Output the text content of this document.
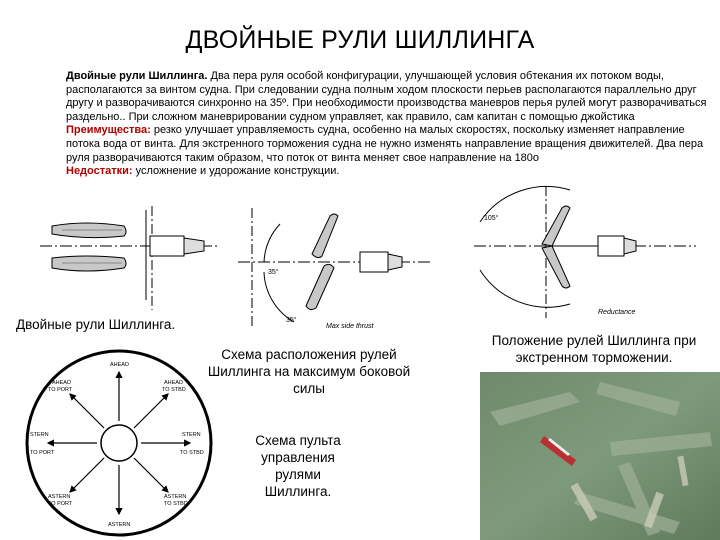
ДВОЙНЫЕ РУЛИ ШИЛЛИНГА

Двойные рули Шиллинга. Два пера руля особой конфигурации, улучшающей условия обтекания их потоком воды, располагаются за винтом судна. При следовании судна полным ходом плоскости перьев располагаются параллельно друг другу и разворачиваются синхронно на 35º. При необходимости производства маневров перья рулей могут разворачиваться раздельно.. При сложном маневрировании судном управляет, как правило, сам капитан с помощью джойстика

Преимущества: резко улучшает управляемость судна, особенно на малых скоростях, поскольку изменяет направление потока вода от винта. Для экстренного торможения судна не нужно изменять направление вращения движителей. Два пера руля разворачиваются таким образом, что поток от винта меняет свое направление на 180о

Недостатки: усложнение и удорожание конструкции.

Двойные рули Шиллинга.
35°
35°
Max side thrust
Схема расположения рулей Шиллинга на максимум боковой силы
105°
Reductance
Положение рулей Шиллинга при экстренном торможении.
AHEAD
AHEAD
TO PORT
AHEAD
TO STBD
STERN
TO PORT
STERN
TO STBD
ASTERN
TO PORT
ASTERN
TO STBD
ASTERN
Схема пульта управления рулями Шиллинга.
